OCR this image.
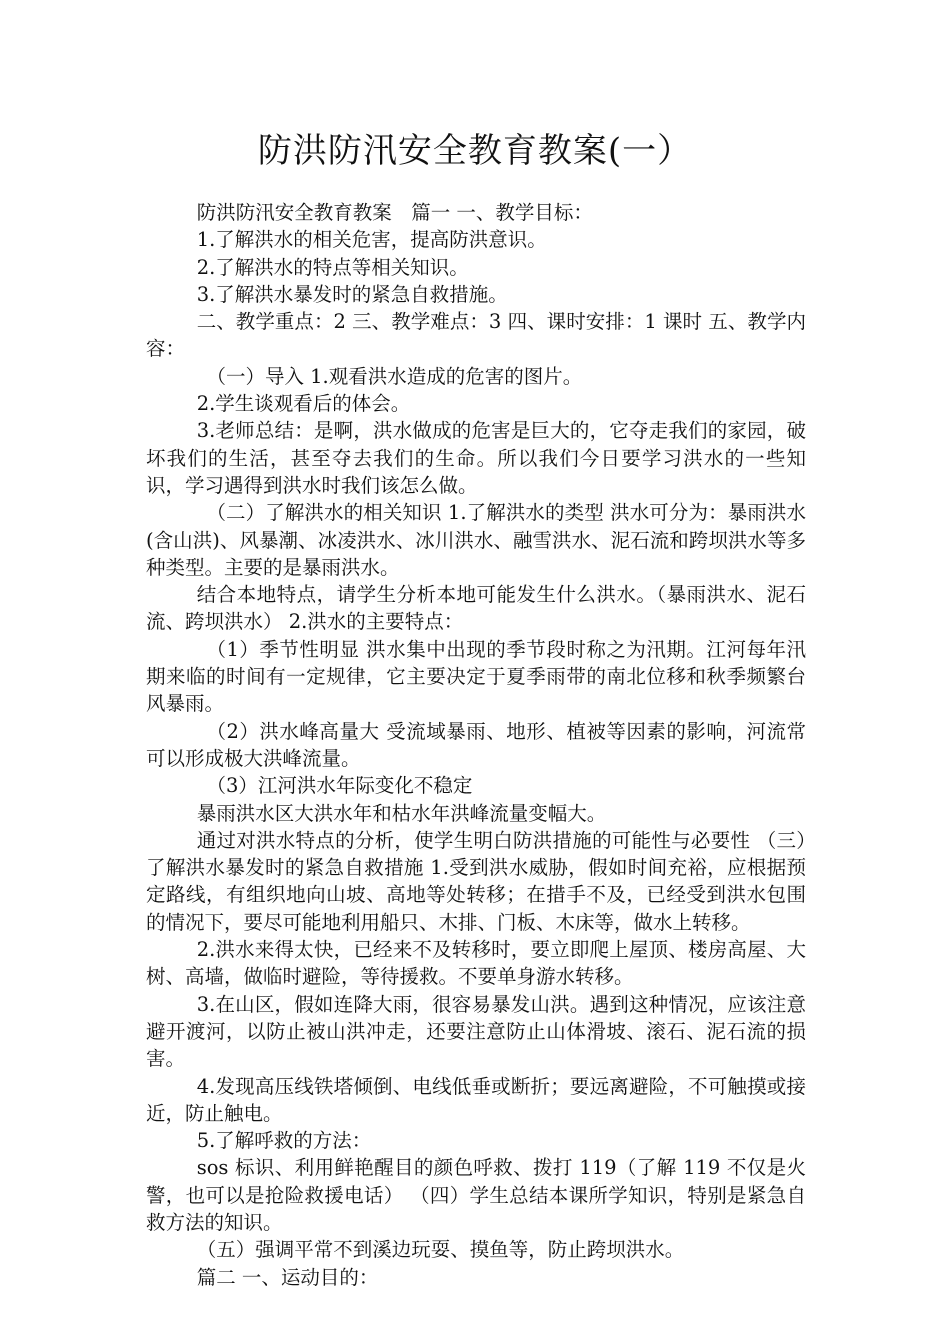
防洪防汛安全教育教案(一）

防洪防汛安全教育教案　篇一 一、教学目标：

1.了解洪水的相关危害，提高防洪意识。

2.了解洪水的特点等相关知识。

3.了解洪水暴发时的紧急自救措施。

二、教学重点：2 三、教学难点：3 四、课时安排：1 课时 五、教学内容：

（一）导入 1.观看洪水造成的危害的图片。

2.学生谈观看后的体会。

3.老师总结：是啊，洪水做成的危害是巨大的，它夺走我们的家园，破坏我们的生活，甚至夺去我们的生命。所以我们今日要学习洪水的一些知识，学习遇得到洪水时我们该怎么做。

（二）了解洪水的相关知识 1.了解洪水的类型 洪水可分为：暴雨洪水(含山洪)、风暴潮、冰凌洪水、冰川洪水、融雪洪水、泥石流和跨坝洪水等多种类型。主要的是暴雨洪水。

结合本地特点，请学生分析本地可能发生什么洪水。（暴雨洪水、泥石流、跨坝洪水） 2.洪水的主要特点：

（1）季节性明显 洪水集中出现的季节段时称之为汛期。江河每年汛期来临的时间有一定规律，它主要决定于夏季雨带的南北位移和秋季频繁台风暴雨。

（2）洪水峰高量大 受流域暴雨、地形、植被等因素的影响，河流常可以形成极大洪峰流量。

（3）江河洪水年际变化不稳定

暴雨洪水区大洪水年和枯水年洪峰流量变幅大。

通过对洪水特点的分析，使学生明白防洪措施的可能性与必要性 （三）了解洪水暴发时的紧急自救措施 1.受到洪水威胁，假如时间充裕，应根据预定路线，有组织地向山坡、高地等处转移；在措手不及，已经受到洪水包围的情况下，要尽可能地利用船只、木排、门板、木床等，做水上转移。

2.洪水来得太快，已经来不及转移时，要立即爬上屋顶、楼房高屋、大树、高墙，做临时避险，等待援救。不要单身游水转移。

3.在山区，假如连降大雨，很容易暴发山洪。遇到这种情况，应该注意避开渡河，以防止被山洪冲走，还要注意防止山体滑坡、滚石、泥石流的损害。

4.发现高压线铁塔倾倒、电线低垂或断折；要远离避险，不可触摸或接近，防止触电。

5.了解呼救的方法：

sos 标识、利用鲜艳醒目的颜色呼救、拨打 119（了解 119 不仅是火警，也可以是抢险救援电话） （四）学生总结本课所学知识，特别是紧急自救方法的知识。

（五）强调平常不到溪边玩耍、摸鱼等，防止跨坝洪水。

篇二 一、运动目的：
